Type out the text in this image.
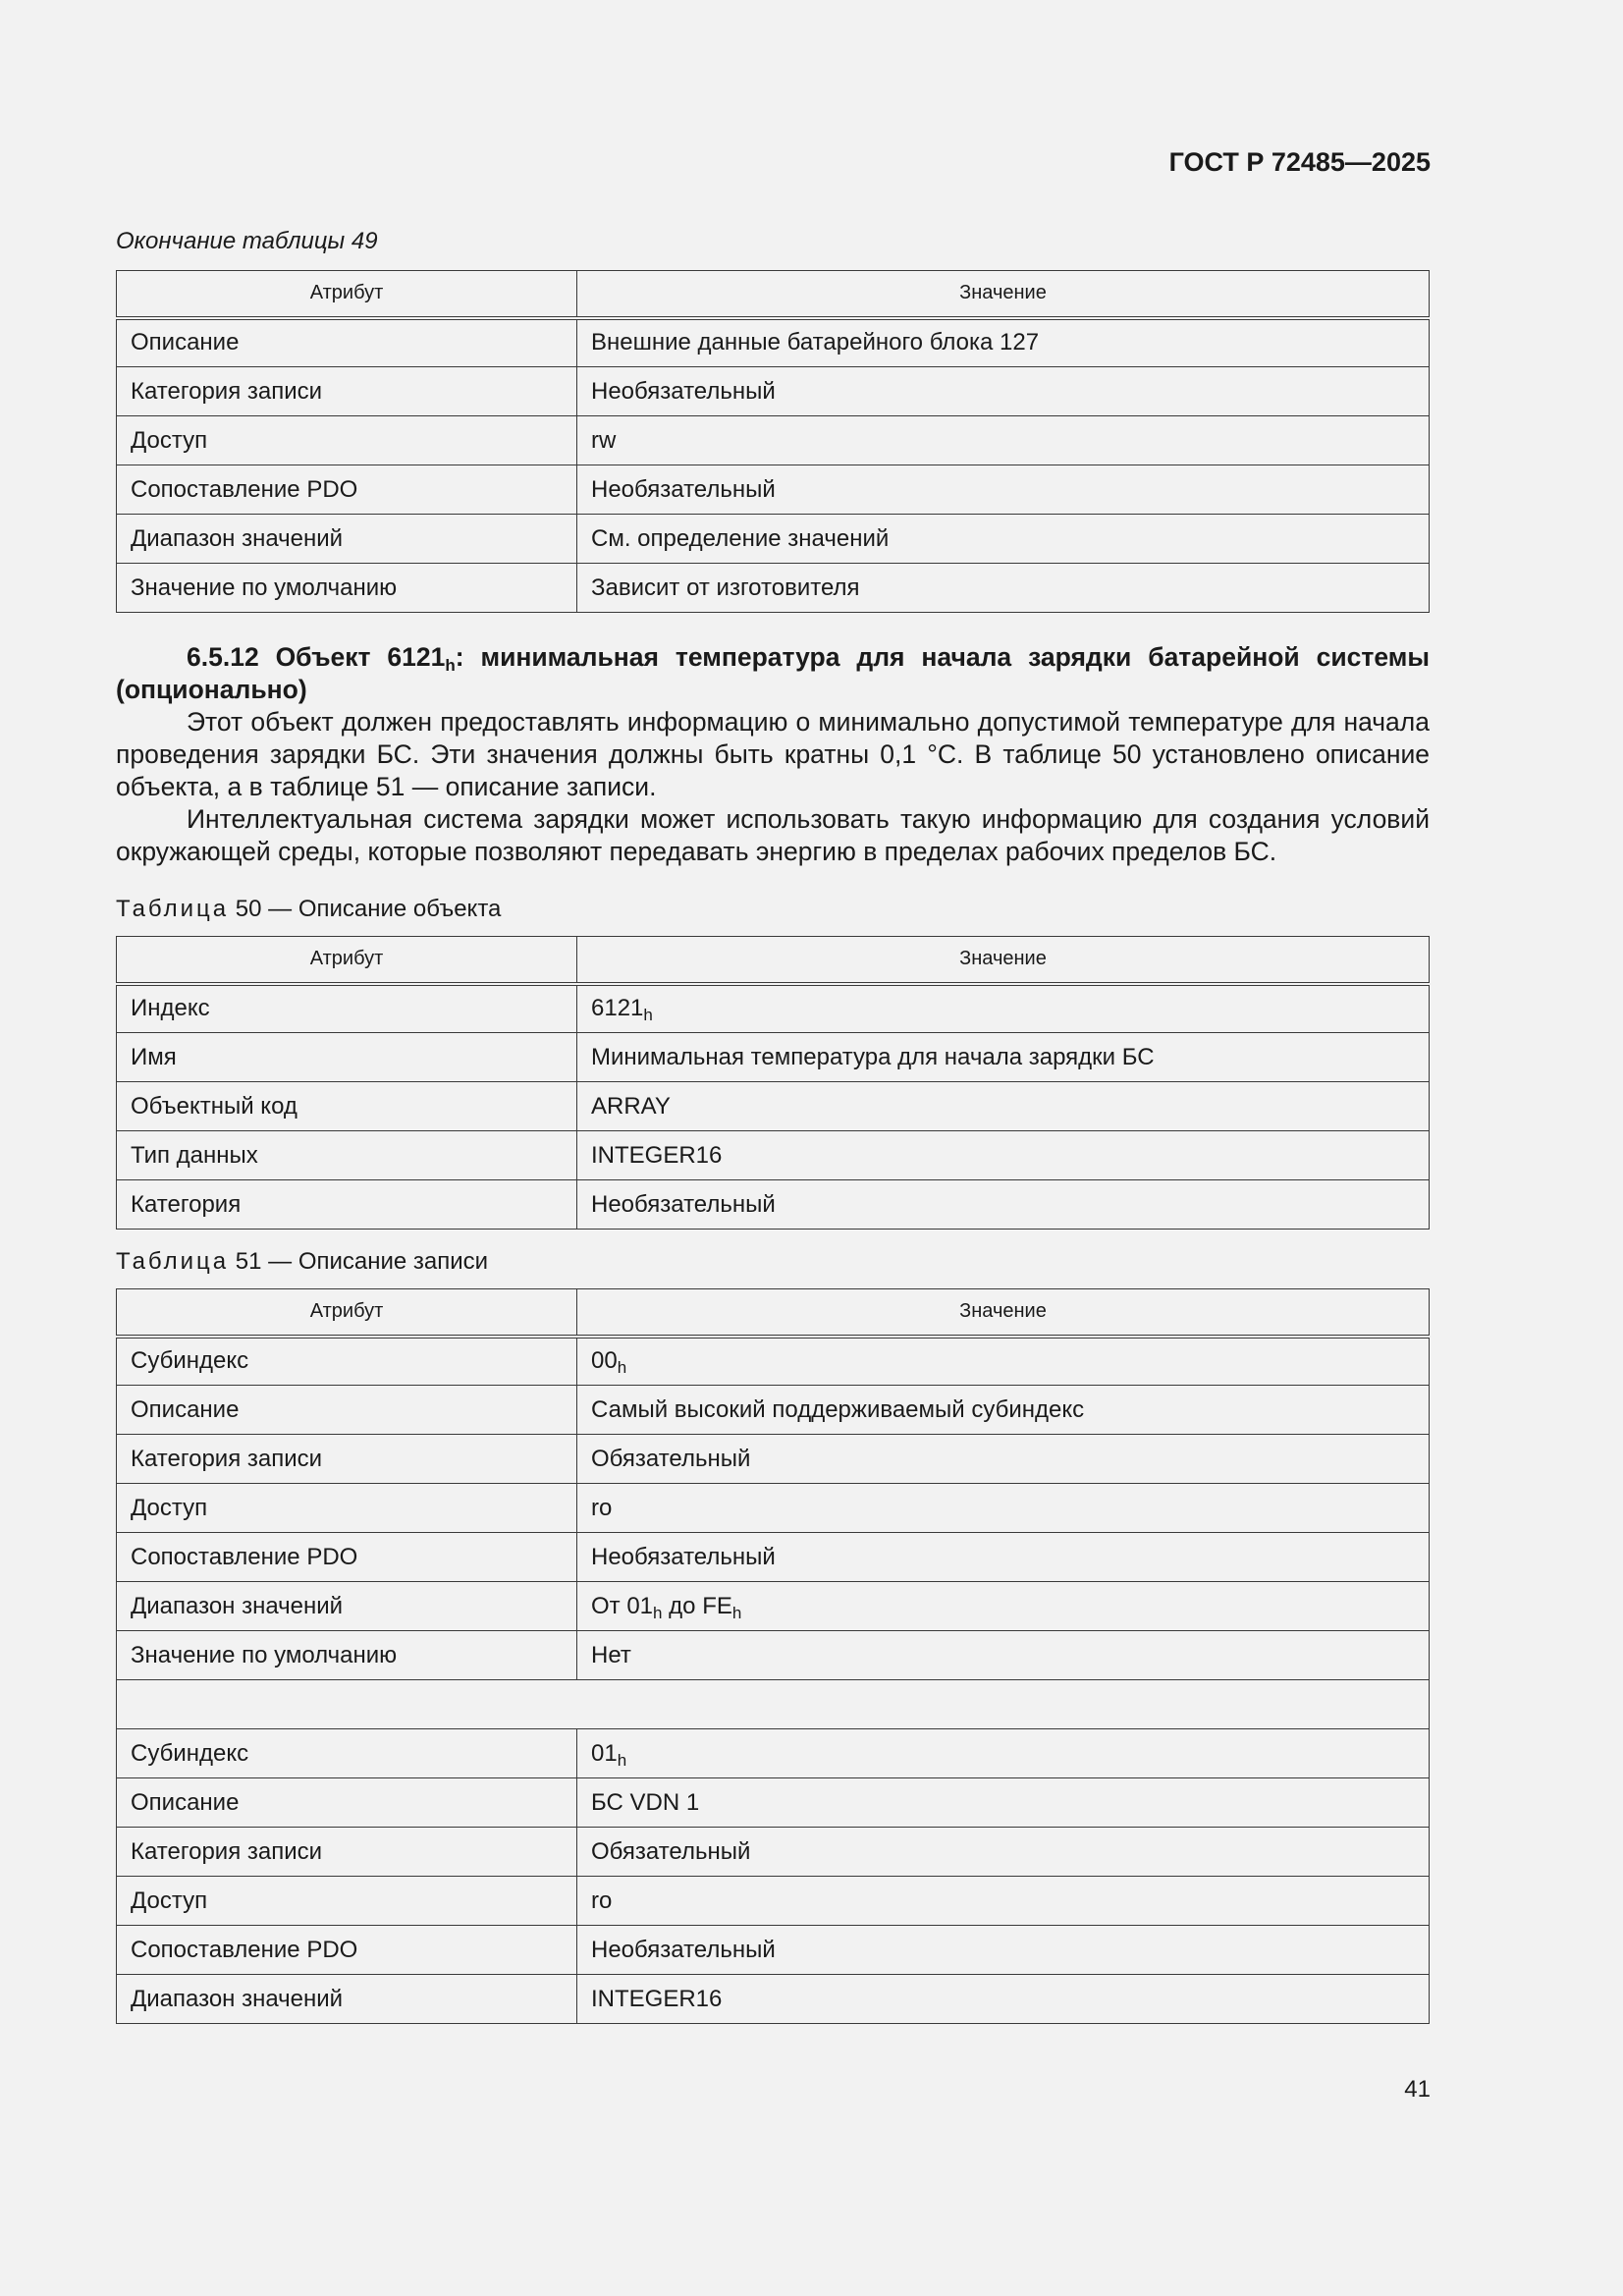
ГОСТ Р 72485—2025
Окончание таблицы 49
Атрибут	Значение
Описание	Внешние данные батарейного блока 127
Категория записи	Необязательный
Доступ	rw
Сопоставление PDO	Необязательный
Диапазон значений	См. определение значений
Значение по умолчанию	Зависит от изготовителя

6.5.12 Объект $6121_h$: минимальная температура для начала зарядки батарейной системы (опционально)

Этот объект должен предоставлять информацию о минимально допустимой температуре для начала проведения зарядки БС. Эти значения должны быть кратны 0,1 °С. В таблице 50 установлено описание объекта, а в таблице 51 — описание записи.

Интеллектуальная система зарядки может использовать такую информацию для создания условий окружающей среды, которые позволяют передавать энергию в пределах рабочих пределов БС.

Таблица 50 — Описание объекта
Атрибут	Значение
Индекс	$6121_h$
Имя	Минимальная температура для начала зарядки БС
Объектный код	ARRAY
Тип данных	INTEGER16
Категория	Необязательный
Таблица 51 — Описание записи
Атрибут	Значение
Субиндекс	$00_h$
Описание	Самый высокий поддерживаемый субиндекс
Категория записи	Обязательный
Доступ	ro
Сопоставление PDO	Необязательный
Диапазон значений	От $01_h$ до $FE_h$
Значение по умолчанию	Нет

Субиндекс	$01_h$
Описание	БС VDN 1
Категория записи	Обязательный
Доступ	ro
Сопоставление PDO	Необязательный
Диапазон значений	INTEGER16
41
